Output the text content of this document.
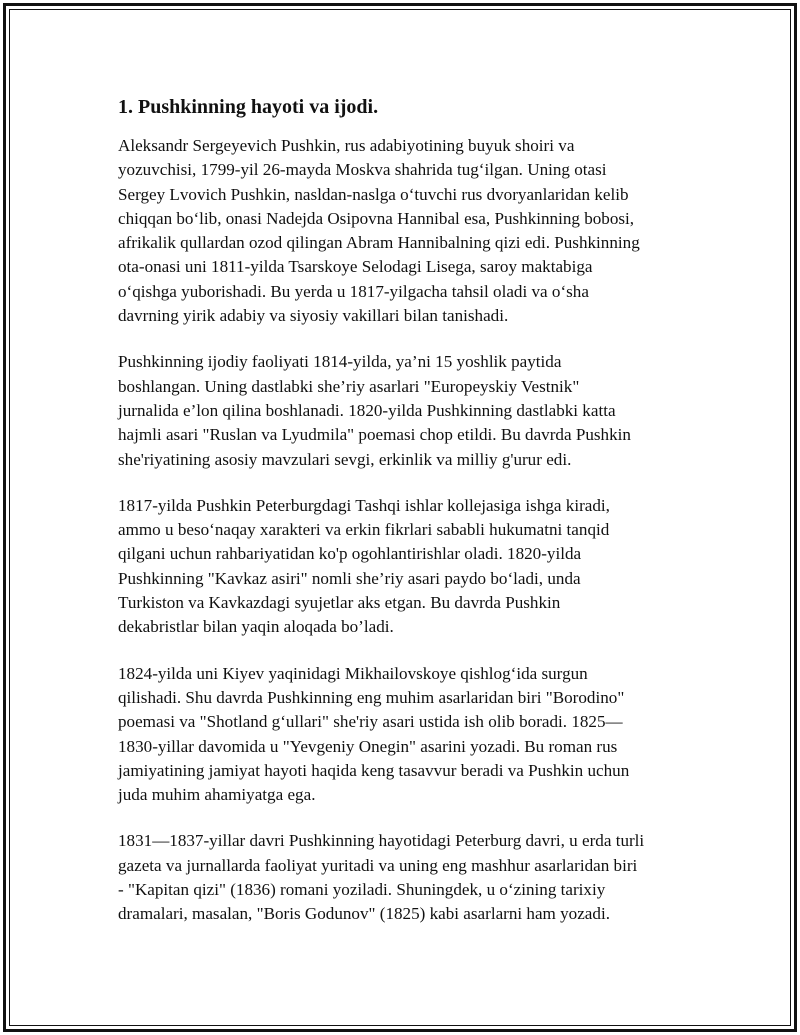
1. Pushkinning hayoti va ijodi.

Aleksandr Sergeyevich Pushkin, rus adabiyotining buyuk shoiri va
yozuvchisi, 1799-yil 26-mayda Moskva shahrida tug‘ilgan. Uning otasi
Sergey Lvovich Pushkin, nasldan-naslga o‘tuvchi rus dvoryanlaridan kelib
chiqqan bo‘lib, onasi Nadejda Osipovna Hannibal esa, Pushkinning bobosi,
afrikalik qullardan ozod qilingan Abram Hannibalning qizi edi. Pushkinning
ota-onasi uni 1811-yilda Tsarskoye Selodagi Lisega, saroy maktabiga
o‘qishga yuborishadi. Bu yerda u 1817-yilgacha tahsil oladi va o‘sha
davrning yirik adabiy va siyosiy vakillari bilan tanishadi.

Pushkinning ijodiy faoliyati 1814-yilda, ya’ni 15 yoshlik paytida
boshlangan. Uning dastlabki she’riy asarlari "Europeyskiy Vestnik"
jurnalida e’lon qilina boshlanadi. 1820-yilda Pushkinning dastlabki katta
hajmli asari "Ruslan va Lyudmila" poemasi chop etildi. Bu davrda Pushkin
she'riyatining asosiy mavzulari sevgi, erkinlik va milliy g'urur edi.

1817-yilda Pushkin Peterburgdagi Tashqi ishlar kollejasiga ishga kiradi,
ammo u beso‘naqay xarakteri va erkin fikrlari sababli hukumatni tanqid
qilgani uchun rahbariyatidan ko'p ogohlantirishlar oladi. 1820-yilda
Pushkinning "Kavkaz asiri" nomli she’riy asari paydo bo‘ladi, unda
Turkiston va Kavkazdagi syujetlar aks etgan. Bu davrda Pushkin
dekabristlar bilan yaqin aloqada bo’ladi.

1824-yilda uni Kiyev yaqinidagi Mikhailovskoye qishlog‘ida surgun
qilishadi. Shu davrda Pushkinning eng muhim asarlaridan biri "Borodino"
poemasi va "Shotland g‘ullari" she'riy asari ustida ish olib boradi. 1825—
1830-yillar davomida u "Yevgeniy Onegin" asarini yozadi. Bu roman rus
jamiyatining jamiyat hayoti haqida keng tasavvur beradi va Pushkin uchun
juda muhim ahamiyatga ega.

1831—1837-yillar davri Pushkinning hayotidagi Peterburg davri, u erda turli
gazeta va jurnallarda faoliyat yuritadi va uning eng mashhur asarlaridan biri
- "Kapitan qizi" (1836) romani yoziladi. Shuningdek, u o‘zining tarixiy
dramalari, masalan, "Boris Godunov" (1825) kabi asarlarni ham yozadi.
